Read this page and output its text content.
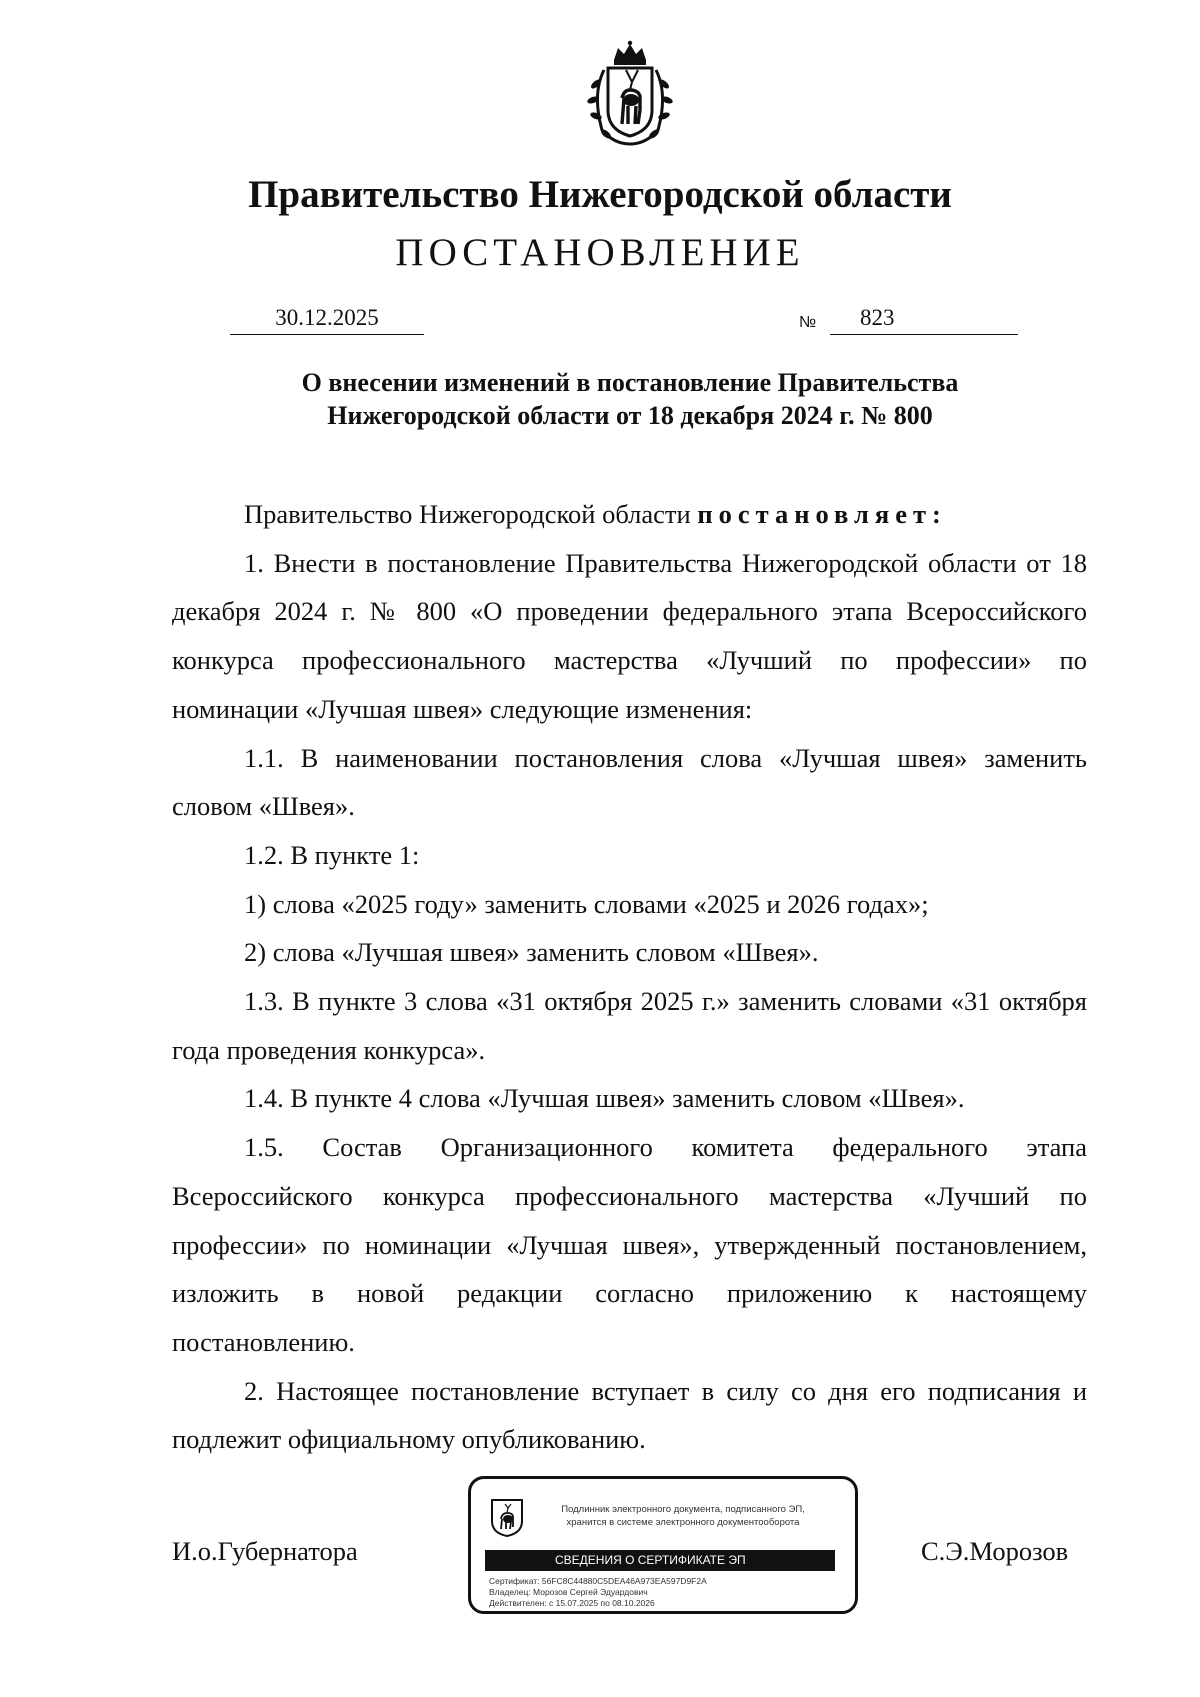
Правительство Нижегородской области
ПОСТАНОВЛЕНИЕ
30.12.2025	№ 823
О внесении изменений в постановление Правительства
Нижегородской области от 18 декабря 2024 г. № 800

Правительство Нижегородской области постановляет:

1. Внести в постановление Правительства Нижегородской области от 18 декабря 2024 г. № 800 «О проведении федерального этапа Всероссийского конкурса профессионального мастерства «Лучший по профессии» по номинации «Лучшая швея» следующие изменения:

1.1. В наименовании постановления слова «Лучшая швея» заменить словом «Швея».

1.2. В пункте 1:

1) слова «2025 году» заменить словами «2025 и 2026 годах»;

2) слова «Лучшая швея» заменить словом «Швея».

1.3. В пункте 3 слова «31 октября 2025 г.» заменить словами «31 октября года проведения конкурса».

1.4. В пункте 4 слова «Лучшая швея» заменить словом «Швея».

1.5. Состав Организационного комитета федерального этапа Всероссийского конкурса профессионального мастерства «Лучший по профессии» по номинации «Лучшая швея», утвержденный постановлением, изложить в новой редакции согласно приложению к настоящему постановлению.

2. Настоящее постановление вступает в силу со дня его подписания и подлежит официальному опубликованию.

И.о.Губернатора	С.Э.Морозов
Подлинник электронного документа, подписанного ЭП,
хранится в системе электронного документооборота
СВЕДЕНИЯ О СЕРТИФИКАТЕ ЭП
Сертификат: 56FC8C44880C5DEA46A973EA597D9F2A
Владелец: Морозов Сергей Эдуардович
Действителен: с 15.07.2025 по 08.10.2026
